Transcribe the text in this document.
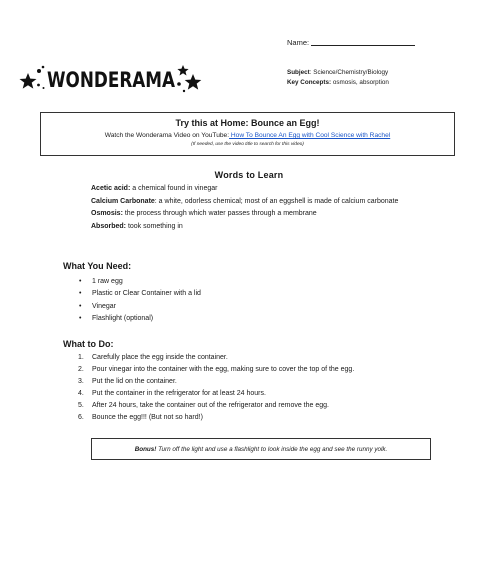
Name:
WONDERAMA	Subject: Science/Chemistry/Biology
Key Concepts: osmosis, absorption
Try this at Home: Bounce an Egg!
Watch the Wonderama Video on YouTube: How To Bounce An Egg with Cool Science with Rachel
(If needed, use the video title to search for this video)
Words to Learn

Acetic acid: a chemical found in vinegar

Calcium Carbonate: a white, odorless chemical; most of an eggshell is made of calcium carbonate

Osmosis: the process through which water passes through a membrane

Absorbed: took something in

What You Need:
• 1 raw egg
• Plastic or Clear Container with a lid
• Vinegar
• Flashlight (optional)
What to Do:
1. Carefully place the egg inside the container.
2. Pour vinegar into the container with the egg, making sure to cover the top of the egg.
3. Put the lid on the container.
4. Put the container in the refrigerator for at least 24 hours.
5. After 24 hours, take the container out of the refrigerator and remove the egg.
6. Bounce the egg!!! (But not so hard!)
Bonus! Turn off the light and use a flashlight to look inside the egg and see the runny yolk.
